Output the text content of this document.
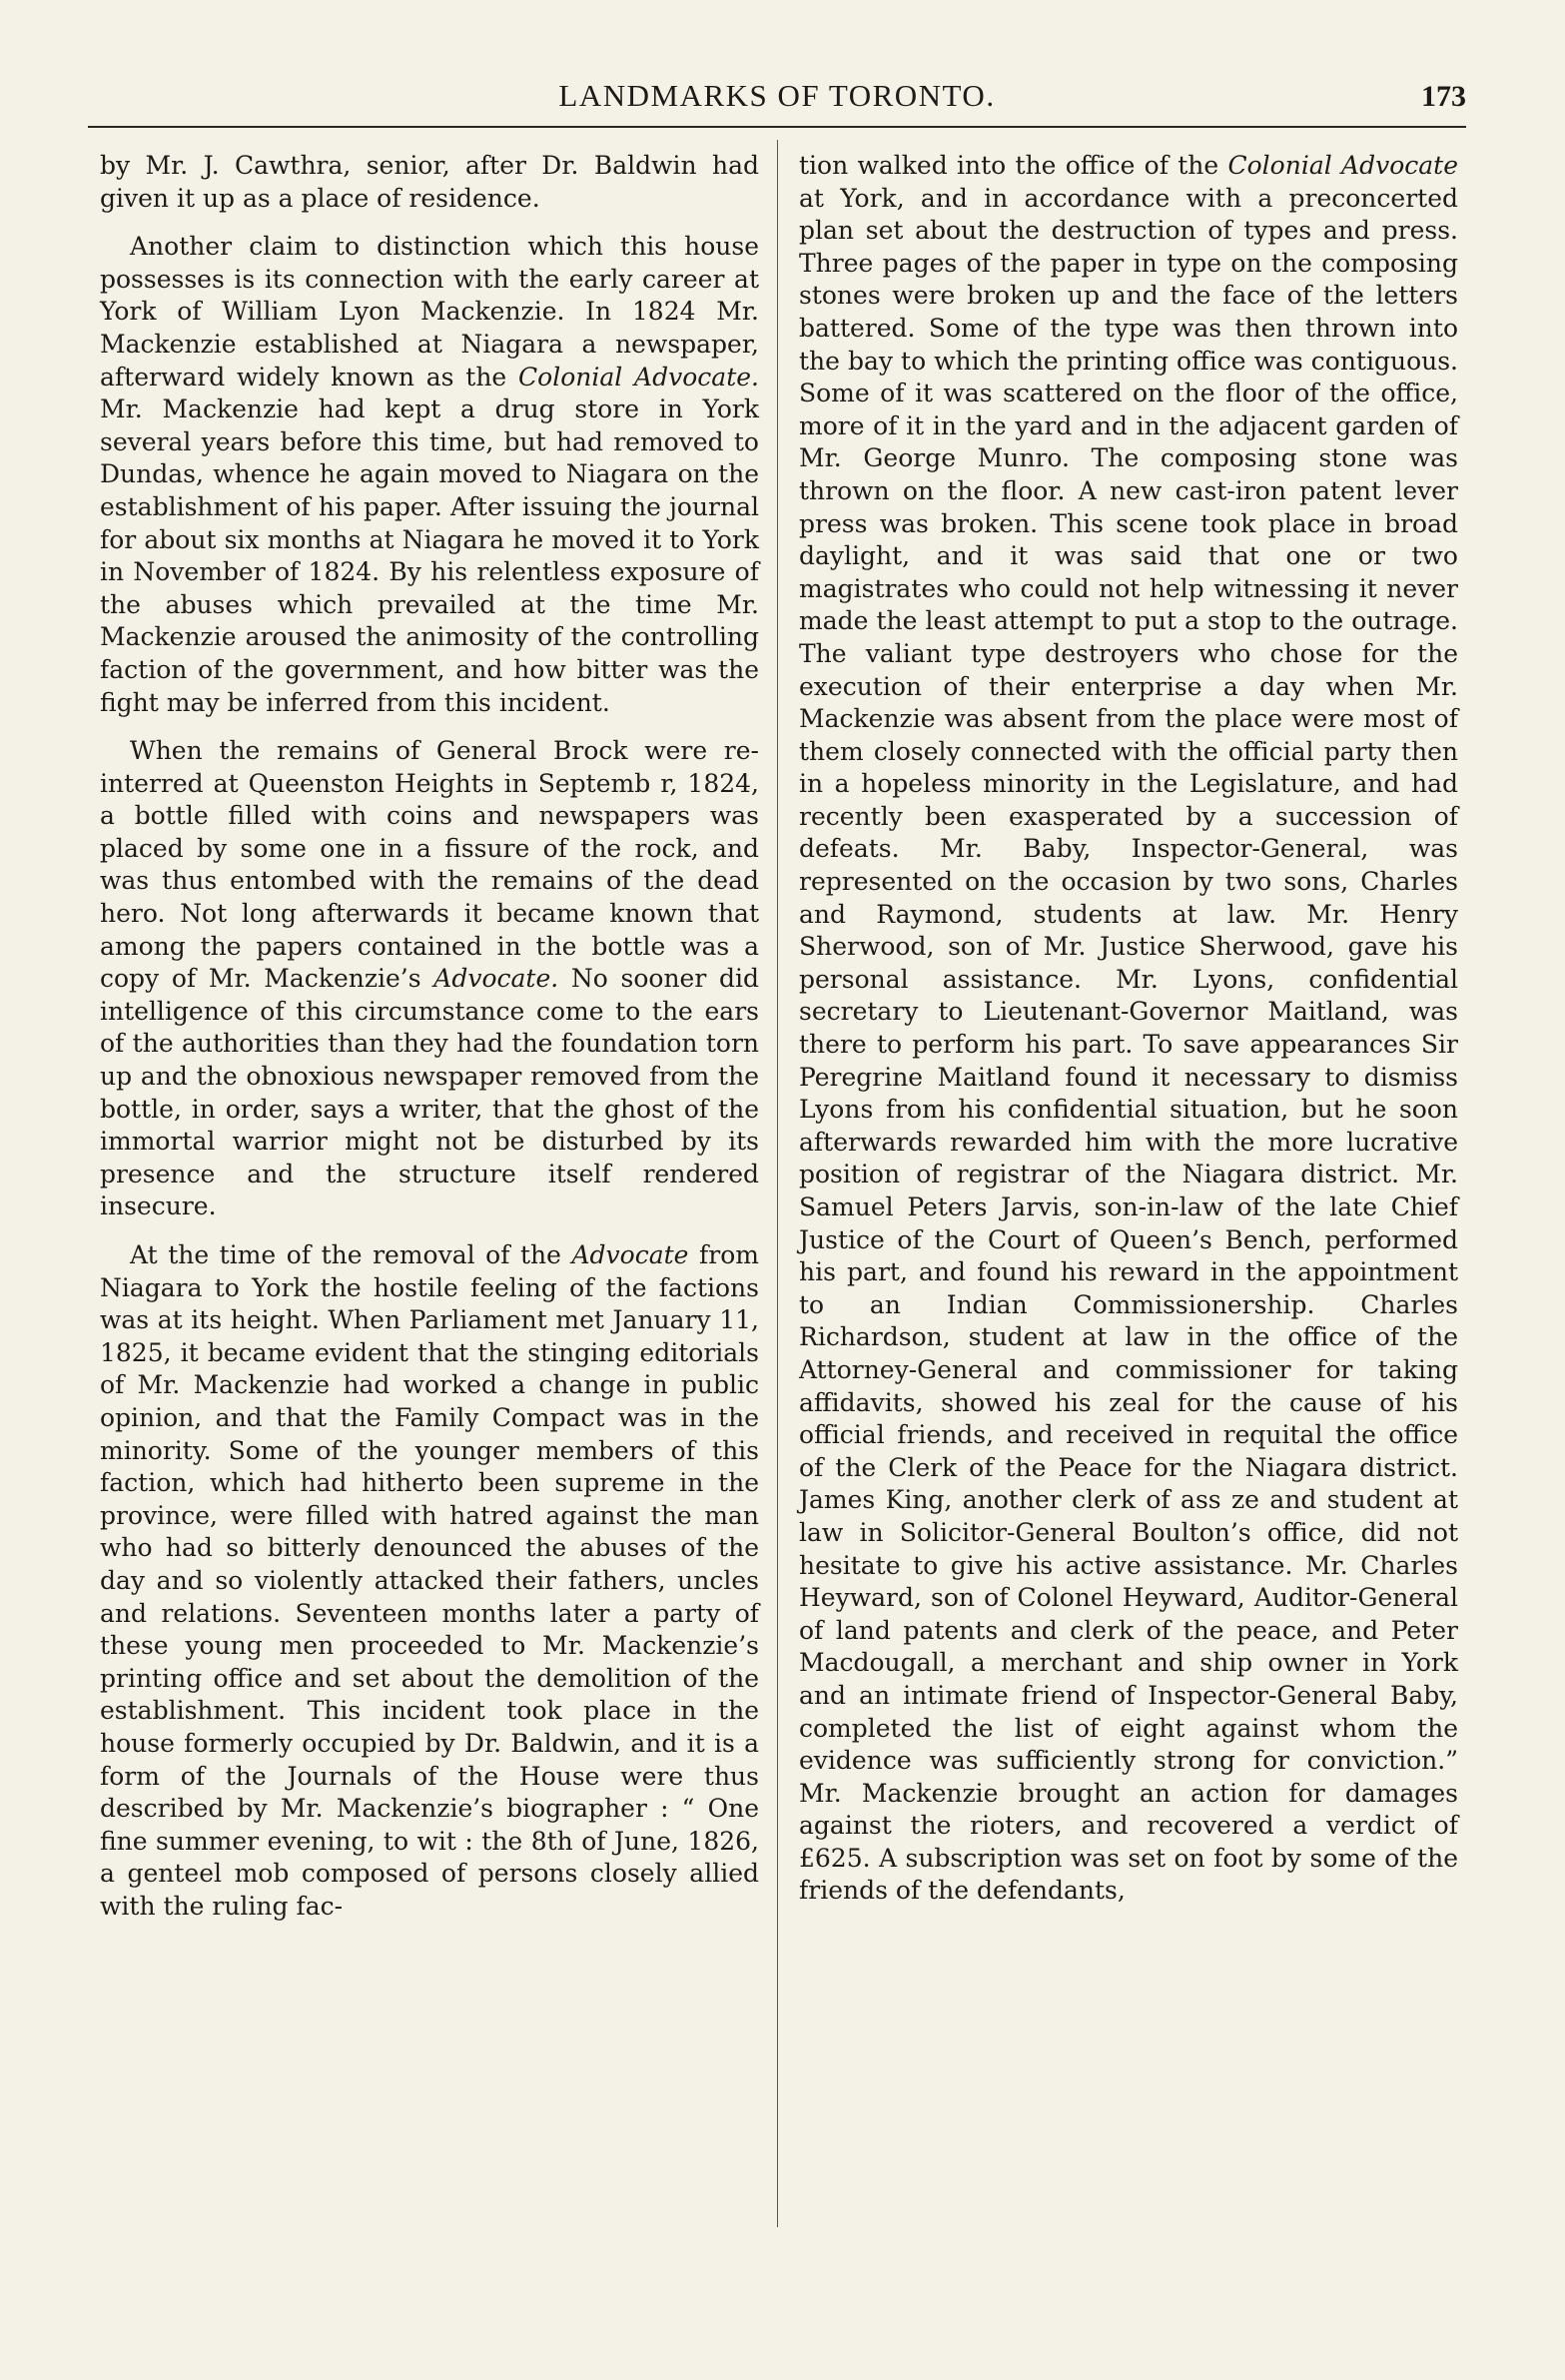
LANDMARKS OF TORONTO.	173

by Mr. J. Cawthra, senior, after Dr. Baldwin had given it up as a place of residence.

Another claim to distinction which this house possesses is its connection with the early career at York of William Lyon Mackenzie. In 1824 Mr. Mackenzie established at Niagara a newspaper, afterward widely known as the Colonial Advocate. Mr. Mackenzie had kept a drug store in York several years before this time, but had removed to Dundas, whence he again moved to Niagara on the establishment of his paper. After issuing the journal for about six months at Niagara he moved it to York in November of 1824. By his relentless exposure of the abuses which prevailed at the time Mr. Mackenzie aroused the animosity of the controlling faction of the government, and how bitter was the fight may be inferred from this incident.

When the remains of General Brock were re-interred at Queenston Heights in Septemb r, 1824, a bottle filled with coins and newspapers was placed by some one in a fissure of the rock, and was thus entombed with the remains of the dead hero. Not long afterwards it became known that among the papers contained in the bottle was a copy of Mr. Mackenzie’s Advocate. No sooner did intelligence of this circumstance come to the ears of the authorities than they had the foundation torn up and the obnoxious newspaper removed from the bottle, in order, says a writer, that the ghost of the immortal warrior might not be disturbed by its presence and the structure itself rendered insecure.

At the time of the removal of the Advocate from Niagara to York the hostile feeling of the factions was at its height. When Parliament met January 11, 1825, it became evident that the stinging editorials of Mr. Mackenzie had worked a change in public opinion, and that the Family Compact was in the minority. Some of the younger members of this faction, which had hitherto been supreme in the province, were filled with hatred against the man who had so bitterly denounced the abuses of the day and so violently attacked their fathers, uncles and relations. Seventeen months later a party of these young men proceeded to Mr. Mackenzie’s printing office and set about the demolition of the establishment. This incident took place in the house formerly occupied by Dr. Baldwin, and it is a form of the Journals of the House were thus described by Mr. Mackenzie’s biographer : “ One fine summer evening, to wit : the 8th of June, 1826, a genteel mob composed of persons closely allied with the ruling fac-

tion walked into the office of the Colonial Advocate at York, and in accordance with a preconcerted plan set about the destruction of types and press. Three pages of the paper in type on the composing stones were broken up and the face of the letters battered. Some of the type was then thrown into the bay to which the printing office was contiguous. Some of it was scattered on the floor of the office, more of it in the yard and in the adjacent garden of Mr. George Munro. The composing stone was thrown on the floor. A new cast-iron patent lever press was broken. This scene took place in broad daylight, and it was said that one or two magistrates who could not help witnessing it never made the least attempt to put a stop to the outrage. The valiant type destroyers who chose for the execution of their enterprise a day when Mr. Mackenzie was absent from the place were most of them closely connected with the official party then in a hopeless minority in the Legislature, and had recently been exasperated by a succession of defeats. Mr. Baby, Inspector-General, was represented on the occasion by two sons, Charles and Raymond, students at law. Mr. Henry Sherwood, son of Mr. Justice Sherwood, gave his personal assistance. Mr. Lyons, confidential secretary to Lieutenant-Governor Maitland, was there to perform his part. To save appearances Sir Peregrine Maitland found it necessary to dismiss Lyons from his confidential situation, but he soon afterwards rewarded him with the more lucrative position of registrar of the Niagara district. Mr. Samuel Peters Jarvis, son-in-law of the late Chief Justice of the Court of Queen’s Bench, performed his part, and found his reward in the appointment to an Indian Commissionership. Charles Richardson, student at law in the office of the Attorney-General and commissioner for taking affidavits, showed his zeal for the cause of his official friends, and received in requital the office of the Clerk of the Peace for the Niagara district. James King, another clerk of ass ze and student at law in Solicitor-General Boulton’s office, did not hesitate to give his active assistance. Mr. Charles Heyward, son of Colonel Heyward, Auditor-General of land patents and clerk of the peace, and Peter Macdougall, a merchant and ship owner in York and an intimate friend of Inspector-General Baby, completed the list of eight against whom the evidence was sufficiently strong for conviction.” Mr. Mackenzie brought an action for damages against the rioters, and recovered a verdict of £625. A subscription was set on foot by some of the friends of the defendants,
